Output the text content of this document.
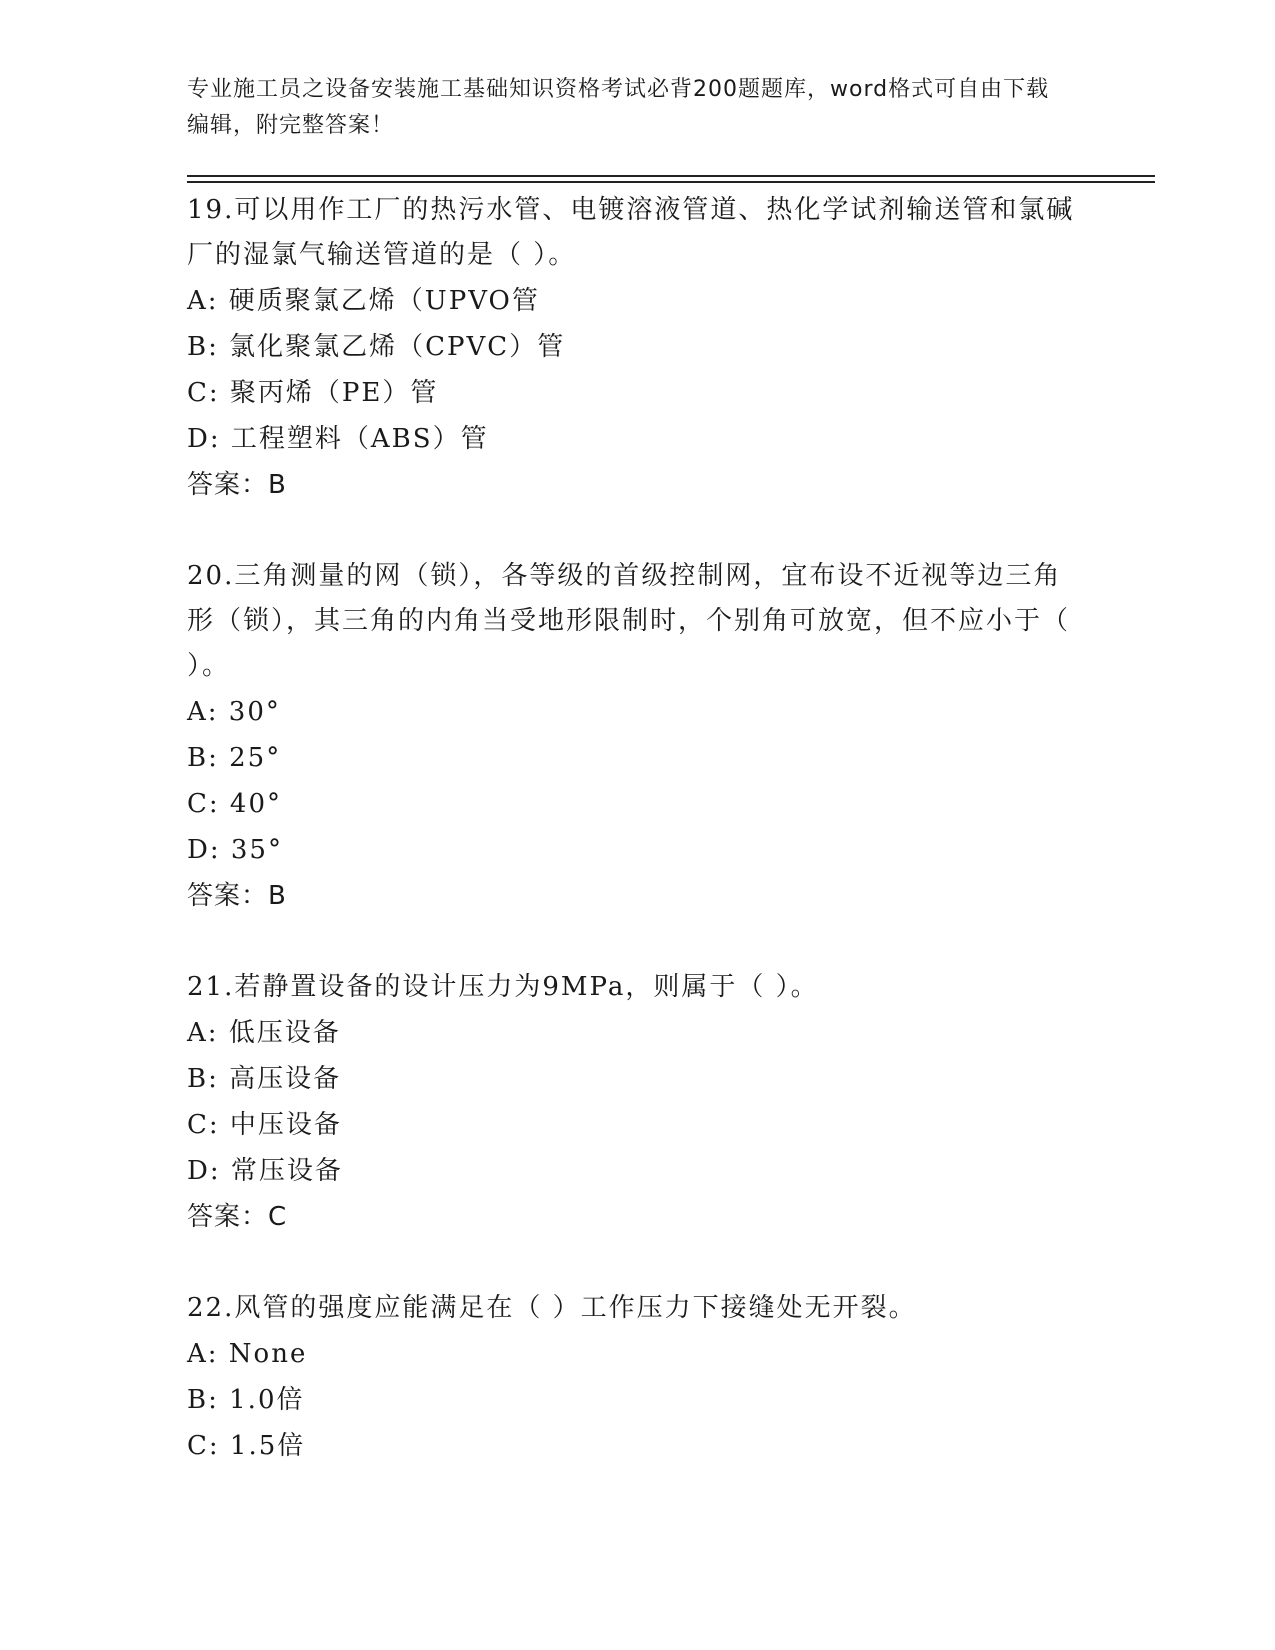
专业施工员之设备安装施工基础知识资格考试必背200题题库，word格式可自由下载编辑，附完整答案！

19.可以用作工厂的热污水管、电镀溶液管道、热化学试剂输送管和氯碱厂的湿氯气输送管道的是（ ）。

A: 硬质聚氯乙烯（UPVO管
B: 氯化聚氯乙烯（CPVC）管
C: 聚丙烯（PE）管
D: 工程塑料（ABS）管
答案：B

20.三角测量的网（锁），各等级的首级控制网，宜布设不近视等边三角形（锁），其三角的内角当受地形限制时，个别角可放宽，但不应小于（ ）。

A: 30°
B: 25°
C: 40°
D: 35°
答案：B

21.若静置设备的设计压力为9MPa，则属于（ ）。

A: 低压设备
B: 高压设备
C: 中压设备
D: 常压设备
答案：C

22.风管的强度应能满足在（ ）工作压力下接缝处无开裂。

A: None
B: 1.0倍
C: 1.5倍
